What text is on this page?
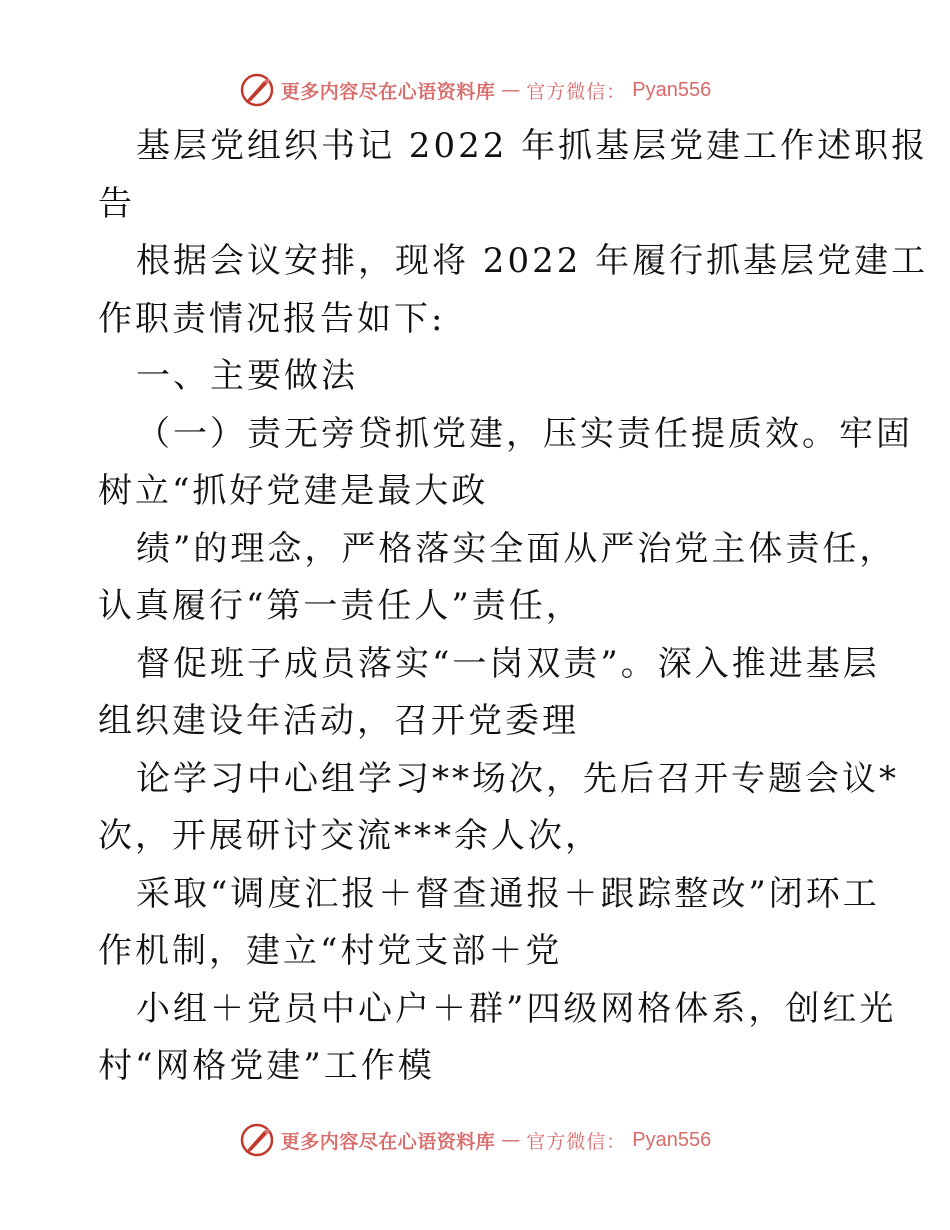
更多内容尽在心语资料库 — 官方微信： Pyan556
基层党组织书记 2022 年抓基层党建工作述职报
告
根据会议安排，现将 2022 年履行抓基层党建工
作职责情况报告如下:
一、主要做法
（一）责无旁贷抓党建，压实责任提质效。牢固
树立“抓好党建是最大政
绩”的理念，严格落实全面从严治党主体责任，
认真履行“第一责任人”责任，
督促班子成员落实“一岗双责”。深入推进基层
组织建设年活动，召开党委理
论学习中心组学习**场次，先后召开专题会议*
次，开展研讨交流***余人次，
采取“调度汇报＋督查通报＋跟踪整改”闭环工
作机制，建立“村党支部＋党
小组＋党员中心户＋群”四级网格体系，创红光
村“网格党建”工作模
更多内容尽在心语资料库 — 官方微信： Pyan556
